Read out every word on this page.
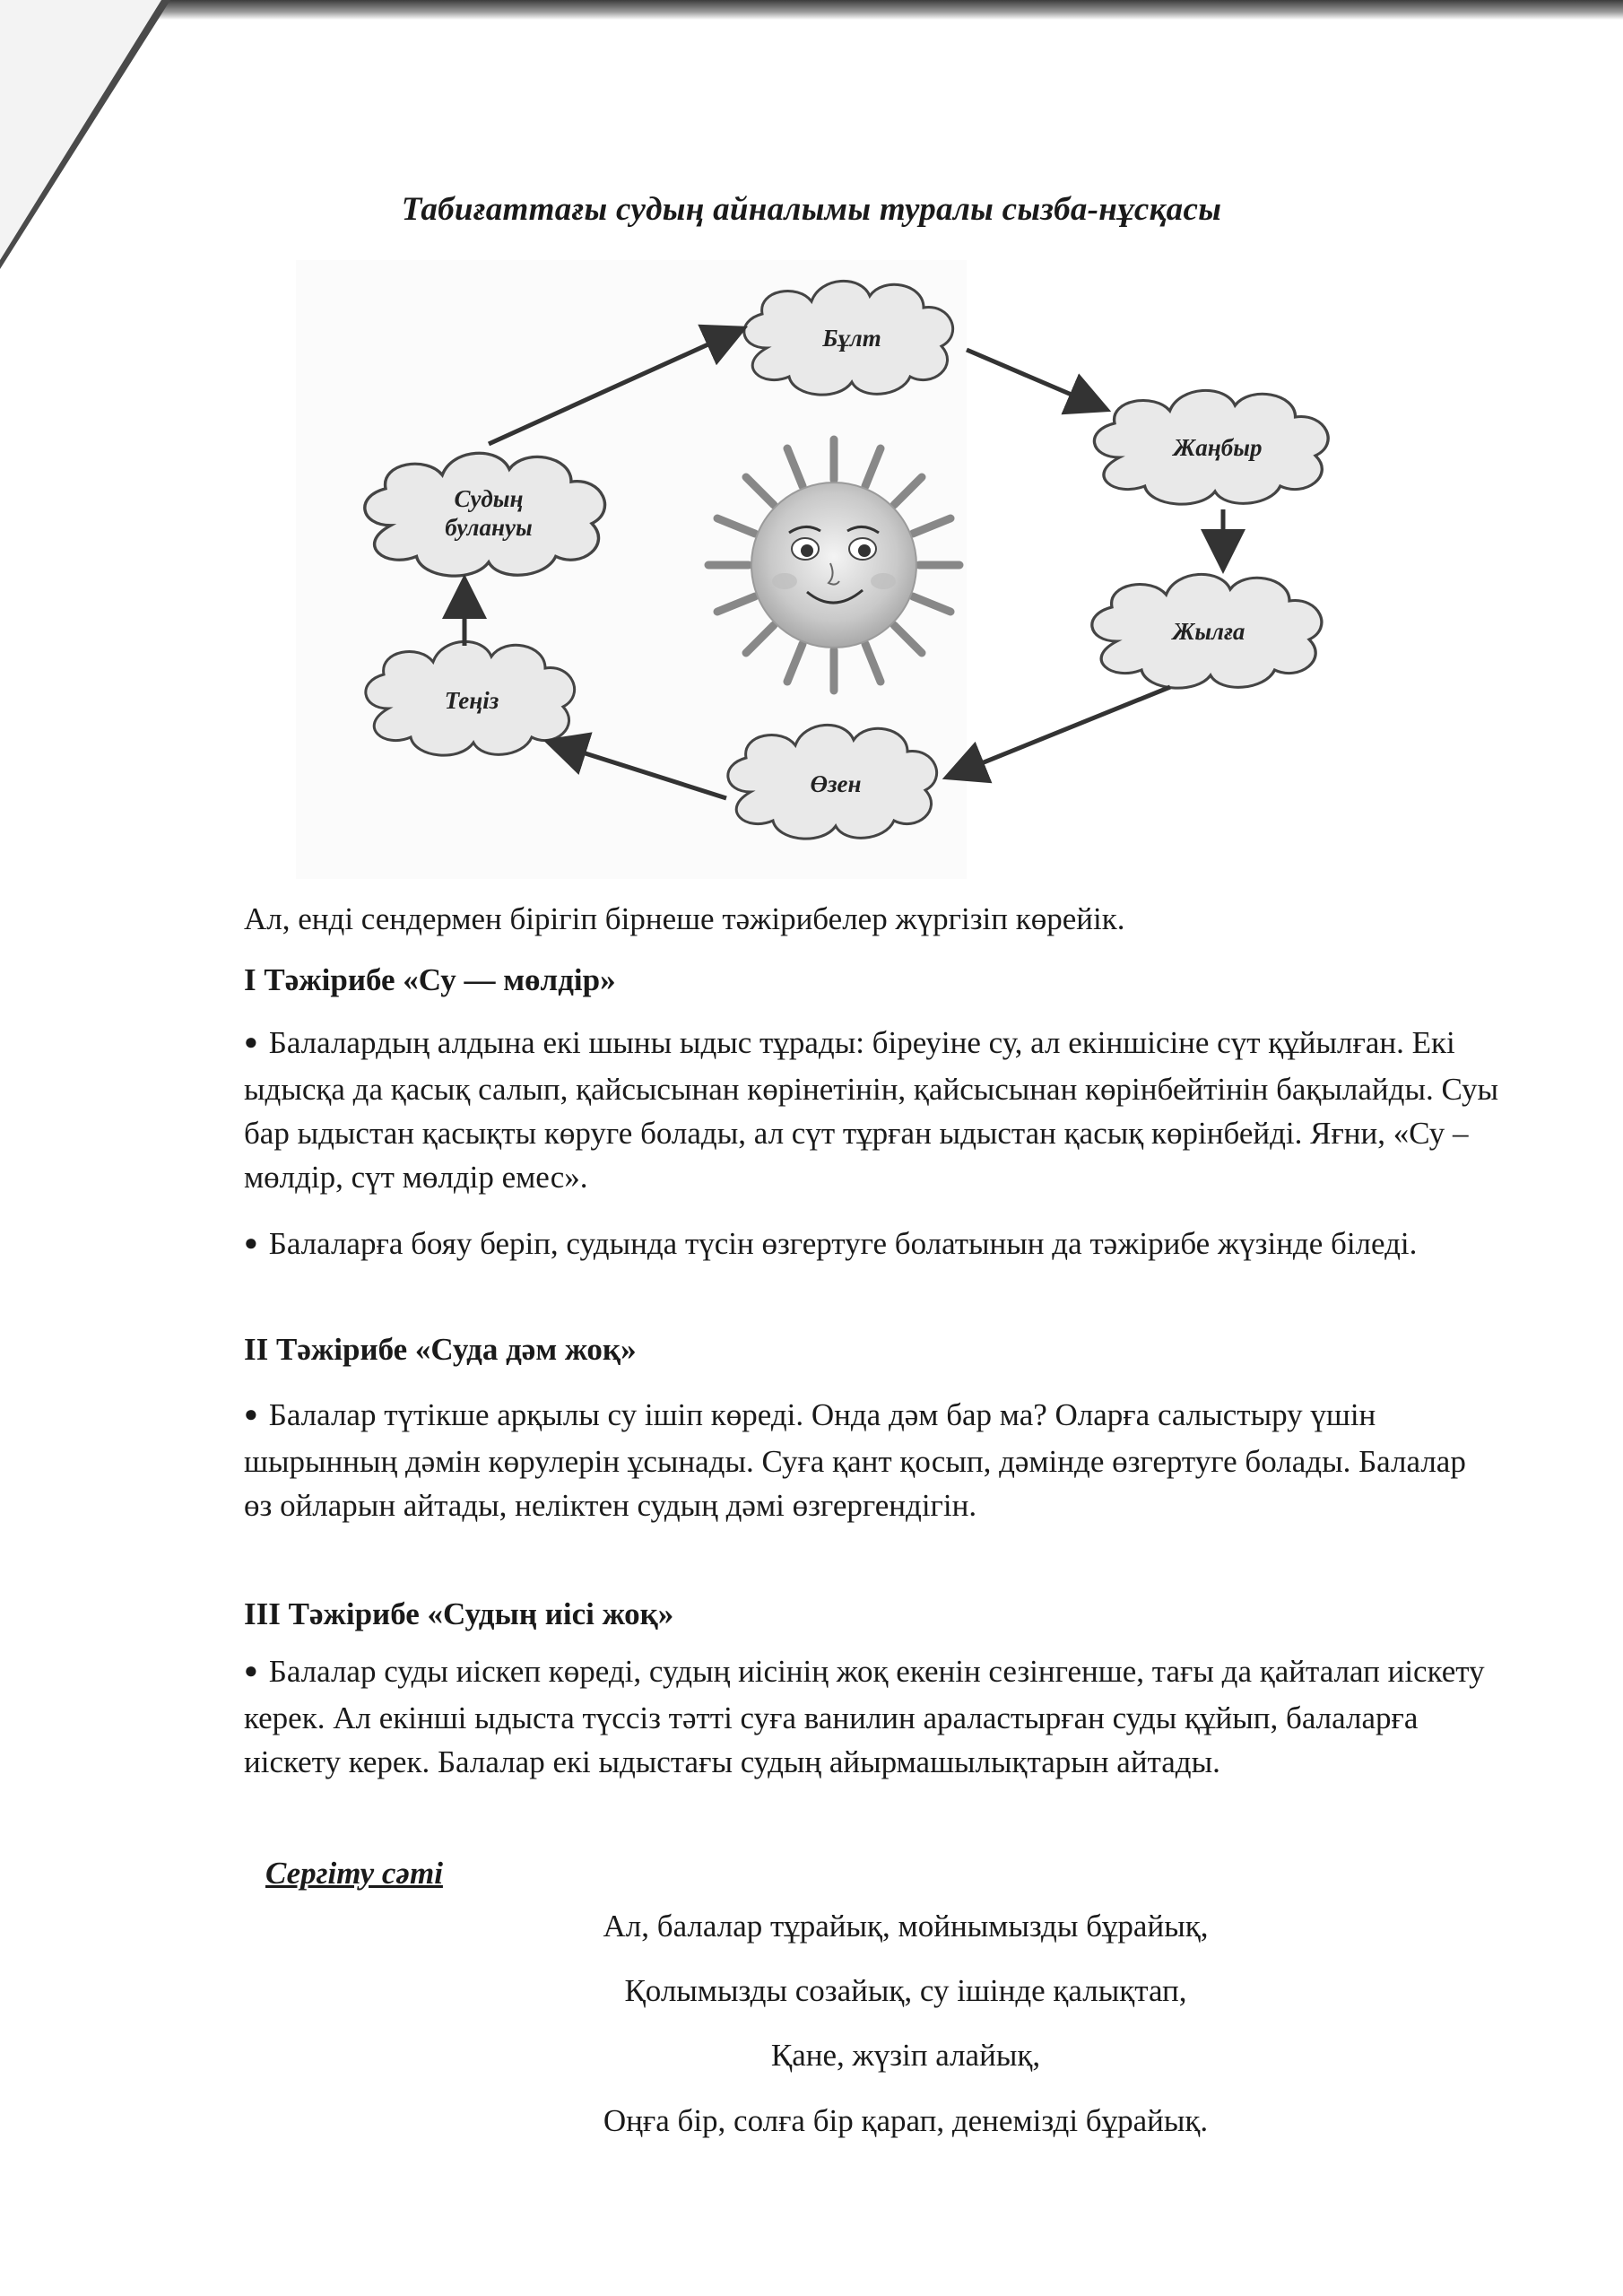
Табиғаттағы судың айналымы туралы сызба-нұсқасы
Бұлт
Жаңбыр
Жылға
Өзен
Теңіз
Судың
булануы
Ал, енді сендермен бірігіп бірнеше тәжірибелер жүргізіп көрейік.
І Тәжірибе «Су — мөлдір»
● Балалардың алдына екі шыны ыдыс тұрады: біреуіне су, ал екіншісіне сүт құйылған. Екі ыдысқа да қасық салып, қайсысынан көрінетінін, қайсысынан көрінбейтінін бақылайды. Суы бар ыдыстан қасықты көруге болады, ал сүт тұрған ыдыстан қасық көрінбейді. Яғни, «Су – мөлдір, сүт мөлдір емес».
● Балаларға бояу беріп, судында түсін өзгертуге болатынын да тәжірибе жүзінде біледі.
ІІ Тәжірибе «Суда дәм жоқ»
● Балалар түтікше арқылы су ішіп көреді. Онда дәм бар ма? Оларға салыстыру үшін шырынның дәмін көрулерін ұсынады. Суға қант қосып, дәмінде өзгертуге болады. Балалар өз ойларын айтады, неліктен судың дәмі өзгергендігін.
ІІІ Тәжірибе «Судың иісі жоқ»
● Балалар суды иіскеп көреді, судың иісінің жоқ екенін сезінгенше, тағы да қайталап иіскету керек. Ал екінші ыдыста түссіз тәтті суға ванилин араластырған суды құйып, балаларға иіскету керек. Балалар екі ыдыстағы судың айырмашылықтарын айтады.
Сергіту сәті
Ал, балалар тұрайық, мойнымызды бұрайық,
Қолымызды созайық, су ішінде қалықтап,
Қане, жүзіп алайық,
Оңға бір, солға бір қарап, денемізді бұрайық.
